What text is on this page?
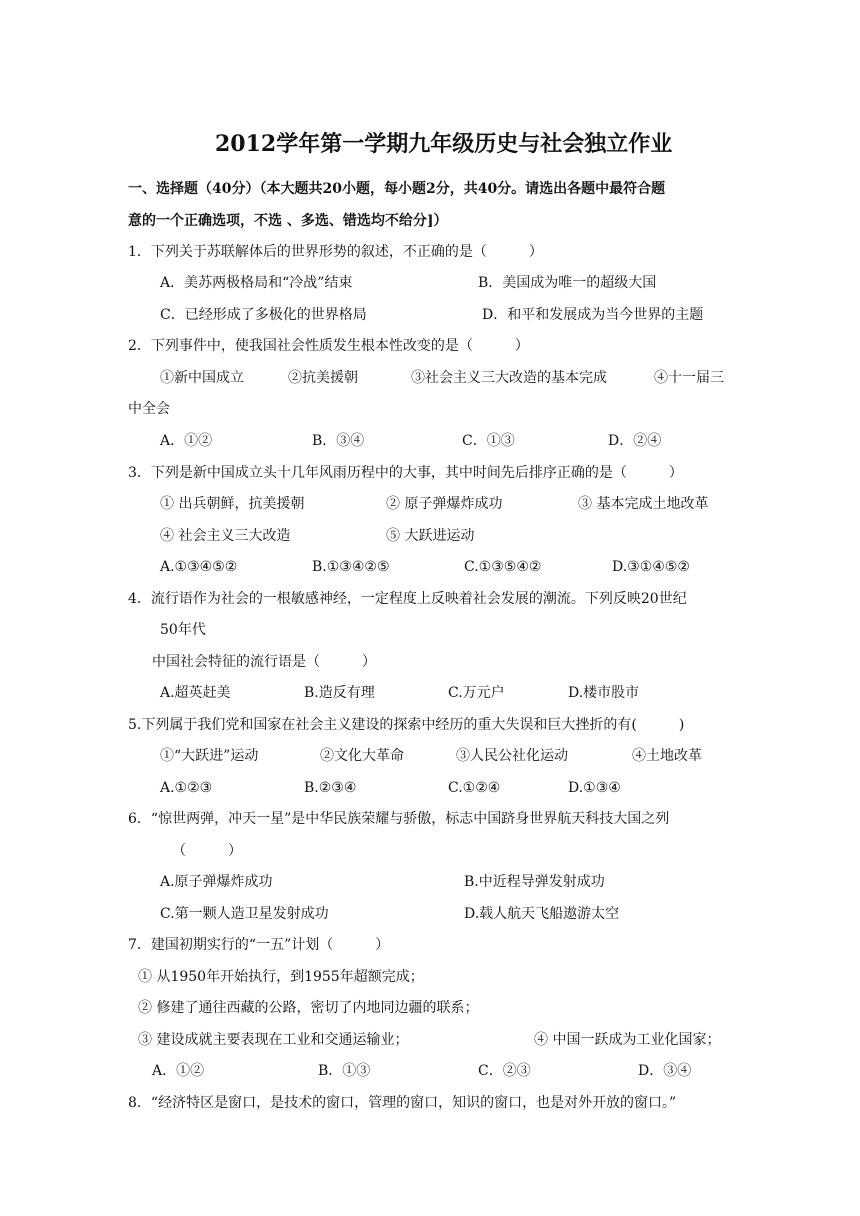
2012学年第一学期九年级历史与社会独立作业
一、选择题（40分）（本大题共20小题，每小题2分，共40分。请选出各题中最符合题
意的一个正确选项，不选 、多选、错选均不给分]）
1．下列关于苏联解体后的世界形势的叙述，不正确的是（　　　）
A．美苏两极格局和“冷战”结束	B．美国成为唯一的超级大国
C．已经形成了多极化的世界格局	D．和平和发展成为当今世界的主题
2．下列事件中，使我国社会性质发生根本性改变的是（　　　）
①新中国成立	②抗美援朝	③社会主义三大改造的基本完成	④十一届三
中全会
A．①②	B．③④	C．①③	D．②④
3．下列是新中国成立头十几年风雨历程中的大事，其中时间先后排序正确的是（　　　）
① 出兵朝鲜，抗美援朝	② 原子弹爆炸成功	③ 基本完成土地改革
④ 社会主义三大改造	⑤ 大跃进运动
A.①③④⑤②	B.①③④②⑤	C.①③⑤④②	D.③①④⑤②
4．流行语作为社会的一根敏感神经，一定程度上反映着社会发展的潮流。下列反映20世纪
50年代
中国社会特征的流行语是（　　　）
A.超英赶美	B.造反有理	C.万元户	D.楼市股市
5.下列属于我们党和国家在社会主义建设的探索中经历的重大失误和巨大挫折的有(　　　)
①“大跃进”运动	②文化大革命	③人民公社化运动	④土地改革
A.①②③	B.②③④	C.①②④	D.①③④
6．“惊世两弹，冲天一星”是中华民族荣耀与骄傲，标志中国跻身世界航天科技大国之列
（　　　）
A.原子弹爆炸成功	B.中近程导弹发射成功
C.第一颗人造卫星发射成功	D.载人航天飞船遨游太空
7．建国初期实行的“一五”计划（　　　）
① 从1950年开始执行，到1955年超额完成；
② 修建了通往西藏的公路，密切了内地同边疆的联系；
③ 建设成就主要表现在工业和交通运输业；	④ 中国一跃成为工业化国家；
A．①②	B．①③	C．②③	D．③④
8．“经济特区是窗口，是技术的窗口，管理的窗口，知识的窗口，也是对外开放的窗口。”
